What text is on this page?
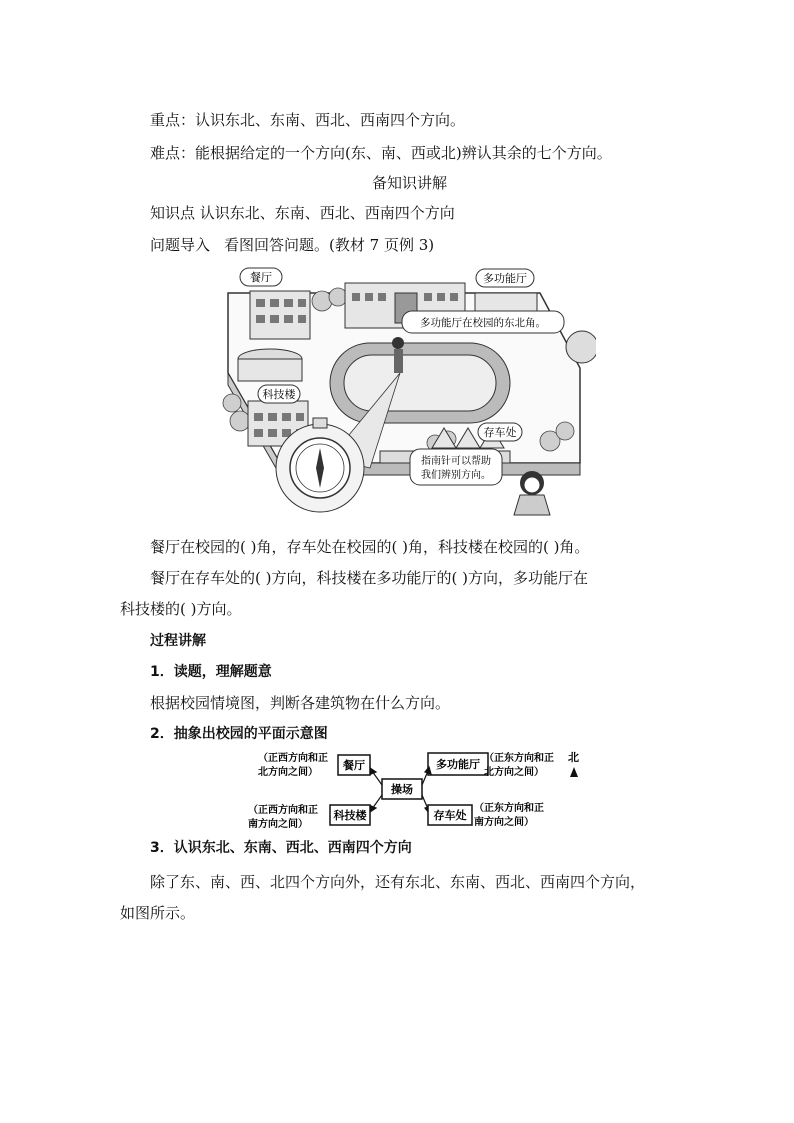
重点：认识东北、东南、西北、西南四个方向。
难点：能根据给定的一个方向(东、南、西或北)辨认其余的七个方向。
备知识讲解
知识点 认识东北、东南、西北、西南四个方向
问题导入 看图回答问题。(教材 7 页例 3)
餐厅	多功能厅
多功能厅在校园的东北角。
科技楼
存车处
指南针可以帮助
我们辨别方向。
餐厅在校园的( )角，存车处在校园的( )角，科技楼在校园的( )角。
餐厅在存车处的( )方向，科技楼在多功能厅的( )方向，多功能厅在
科技楼的( )方向。
过程讲解
1．读题，理解题意
根据校园情境图，判断各建筑物在什么方向。
2．抽象出校园的平面示意图
（正西方向和正
北方向之间）
餐厅	多功能厅 （正东方向和正
北方向之间）
北
操场
（正西方向和正
南方向之间）
科技楼	存车处
（正东方向和正
南方向之间）
3．认识东北、东南、西北、西南四个方向
除了东、南、西、北四个方向外，还有东北、东南、西北、西南四个方向，
如图所示。
